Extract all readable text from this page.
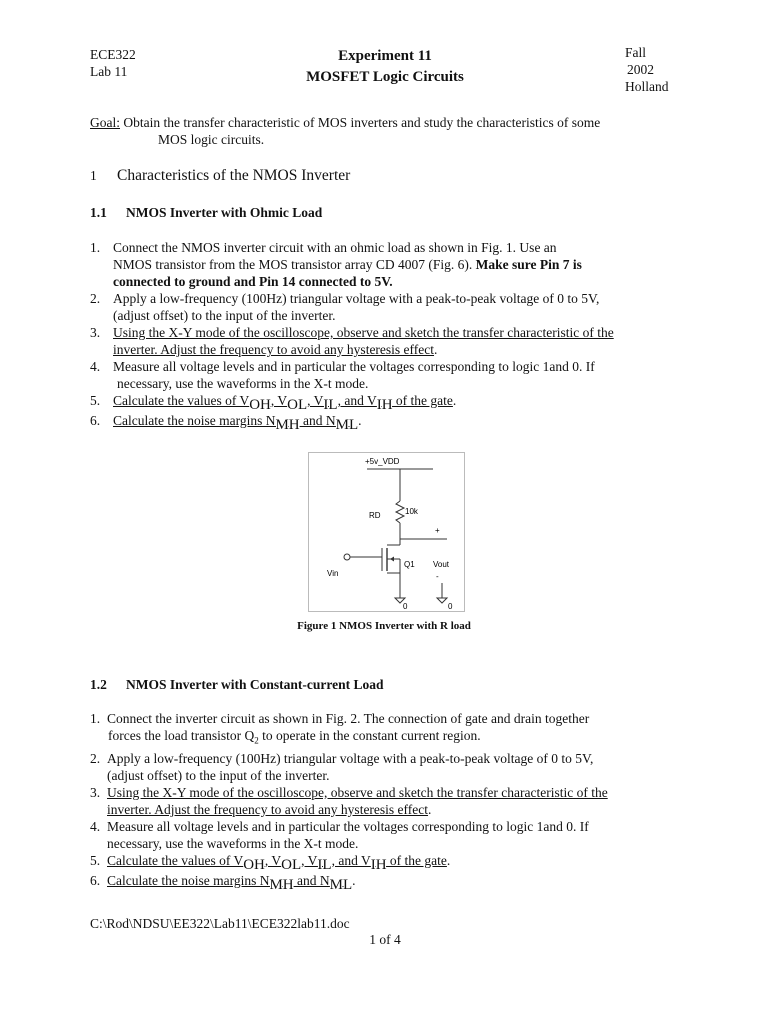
ECE322
Lab 11
Experiment 11
MOSFET Logic Circuits
Fall
2002
Holland
Goal: Obtain the transfer characteristic of MOS inverters and study the characteristics of some
MOS logic circuits.
1 Characteristics of the NMOS Inverter
1.1 NMOS Inverter with Ohmic Load
1. Connect the NMOS inverter circuit with an ohmic load as shown in Fig. 1. Use an
NMOS transistor from the MOS transistor array CD 4007 (Fig. 6). Make sure Pin 7 is
connected to ground and Pin 14 connected to 5V.
2. Apply a low-frequency (100Hz) triangular voltage with a peak-to-peak voltage of 0 to 5V,
(adjust offset) to the input of the inverter.
3. Using the X-Y mode of the oscilloscope, observe and sketch the transfer characteristic of the
inverter. Adjust the frequency to avoid any hysteresis effect.
4. Measure all voltage levels and in particular the voltages corresponding to logic 1and 0. If
necessary, use the waveforms in the X-t mode.
5. Calculate the values of $V_{OH}$, $V_{OL}$, $V_{IL}$, and $V_{IH}$ of the gate.
6. Calculate the noise margins $N_{MH}$ and $N_{ML}$.
+5v_VDD
RD	10k
+
Vin
Q1 Vout
-
0	0
Figure 1 NMOS Inverter with R load
1.2 NMOS Inverter with Constant-current Load
1. Connect the inverter circuit as shown in Fig. 2. The connection of gate and drain together
forces the load transistor $Q_2$ to operate in the constant current region.
2. Apply a low-frequency (100Hz) triangular voltage with a peak-to-peak voltage of 0 to 5V,
(adjust offset) to the input of the inverter.
3. Using the X-Y mode of the oscilloscope, observe and sketch the transfer characteristic of the
inverter. Adjust the frequency to avoid any hysteresis effect.
4. Measure all voltage levels and in particular the voltages corresponding to logic 1and 0. If
necessary, use the waveforms in the X-t mode.
5. Calculate the values of $V_{OH}$, $V_{OL}$, $V_{IL}$, and $V_{IH}$ of the gate.
6. Calculate the noise margins $N_{MH}$ and $N_{ML}$.
C:\Rod\NDSU\EE322\Lab11\ECE322lab11.doc
1 of 4
